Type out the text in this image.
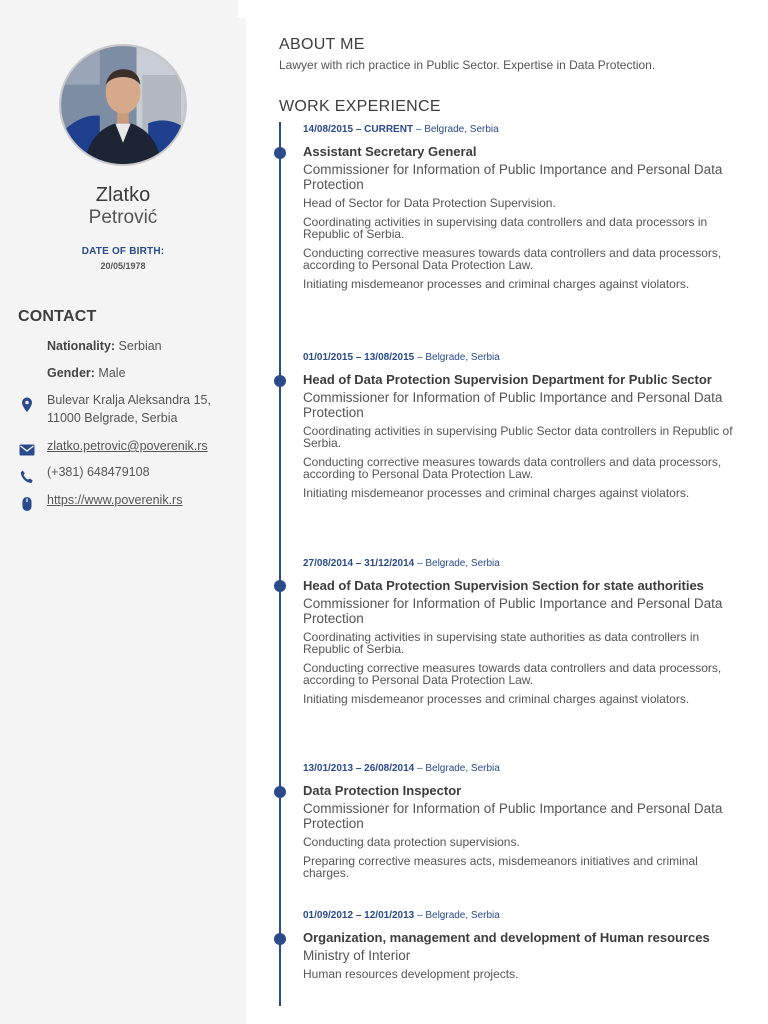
Zlatko
Petrović
DATE OF BIRTH:
20/05/1978
CONTACT
Nationality: Serbian
Gender: Male
Bulevar Kralja Aleksandra 15,
11000 Belgrade, Serbia
zlatko.petrovic@poverenik.rs
(+381) 648479108
https://www.poverenik.rs
ABOUT ME
Lawyer with rich practice in Public Sector. Expertise in Data Protection.
WORK EXPERIENCE
14/08/2015 – CURRENT – Belgrade, Serbia
Assistant Secretary General
Commissioner for Information of Public Importance and Personal Data Protection

Head of Sector for Data Protection Supervision.

Coordinating activities in supervising data controllers and data processors in Republic of Serbia.

Conducting corrective measures towards data controllers and data processors, according to Personal Data Protection Law.

Initiating misdemeanor processes and criminal charges against violators.

01/01/2015 – 13/08/2015 – Belgrade, Serbia
Head of Data Protection Supervision Department for Public Sector
Commissioner for Information of Public Importance and Personal Data Protection

Coordinating activities in supervising Public Sector data controllers in Republic of Serbia.

Conducting corrective measures towards data controllers and data processors, according to Personal Data Protection Law.

Initiating misdemeanor processes and criminal charges against violators.

27/08/2014 – 31/12/2014 – Belgrade, Serbia
Head of Data Protection Supervision Section for state authorities
Commissioner for Information of Public Importance and Personal Data Protection

Coordinating activities in supervising state authorities as data controllers in Republic of Serbia.

Conducting corrective measures towards data controllers and data processors, according to Personal Data Protection Law.

Initiating misdemeanor processes and criminal charges against violators.

13/01/2013 – 26/08/2014 – Belgrade, Serbia
Data Protection Inspector
Commissioner for Information of Public Importance and Personal Data Protection

Conducting data protection supervisions.

Preparing corrective measures acts, misdemeanors initiatives and criminal charges.

01/09/2012 – 12/01/2013 – Belgrade, Serbia
Organization, management and development of Human resources
Ministry of Interior

Human resources development projects.
